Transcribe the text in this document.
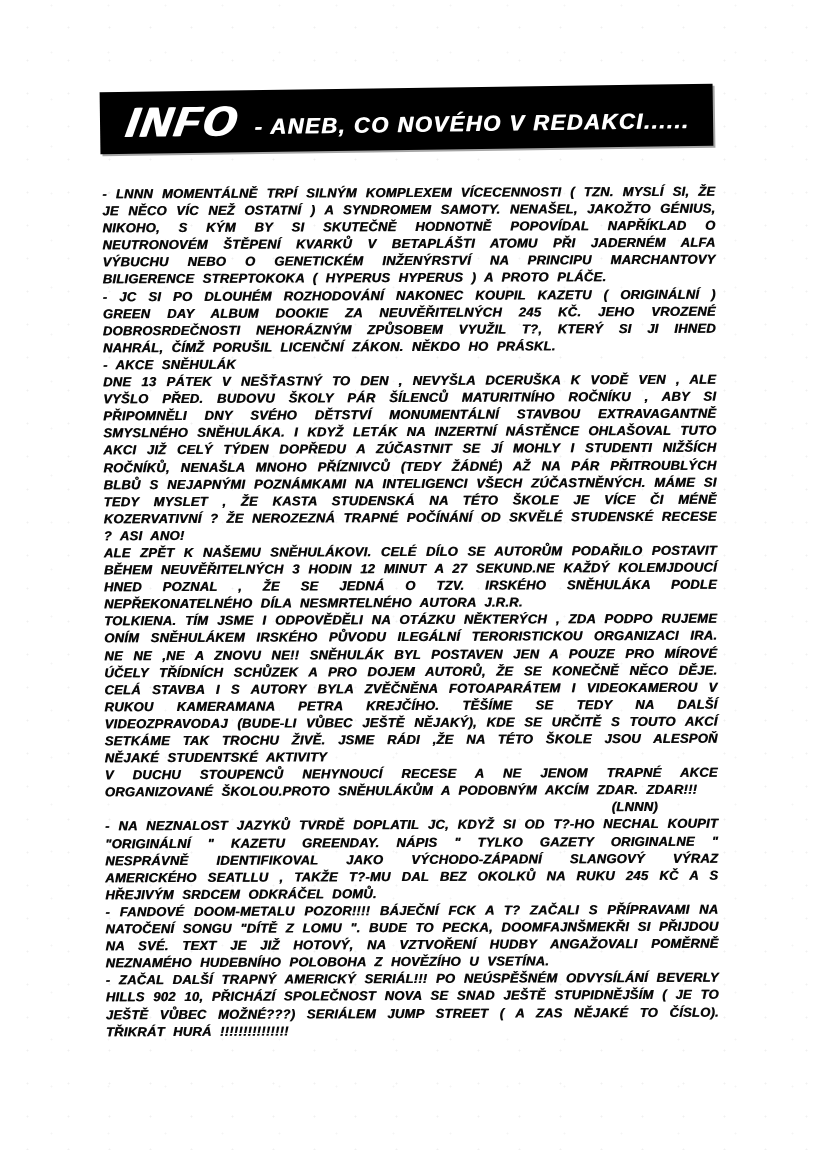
INFO - ANEB, CO NOVÉHO V REDAKCI......

- LNNN MOMENTÁLNĚ TRPÍ SILNÝM KOMPLEXEM VÍCECENNOSTI ( TZN. MYSLÍ SI, ŽE JE NĚCO VÍC NEŽ OSTATNÍ ) A SYNDROMEM SAMOTY. NENAŠEL, JAKOŽTO GÉNIUS, NIKOHO, S KÝM BY SI SKUTEČNĚ HODNOTNĚ POPOVÍDAL NAPŘÍKLAD O NEUTRONOVÉM ŠTĚPENÍ KVARKŮ V BETAPLÁŠTI ATOMU PŘI JADERNÉM ALFA VÝBUCHU NEBO O GENETICKÉM INŽENÝRSTVÍ NA PRINCIPU MARCHANTOVY BILIGERENCE STREPTOKOKA ( HYPERUS HYPERUS ) A PROTO PLÁČE.

- JC SI PO DLOUHÉM ROZHODOVÁNÍ NAKONEC KOUPIL KAZETU ( ORIGINÁLNÍ ) GREEN DAY ALBUM DOOKIE ZA NEUVĚŘITELNÝCH 245 KČ. JEHO VROZENÉ DOBROSRDEČNOSTI NEHORÁZNÝM ZPŮSOBEM VYUŽIL T?, KTERÝ SI JI IHNED NAHRÁL, ČÍMŽ PORUŠIL LICENČNÍ ZÁKON. NĚKDO HO PRÁSKL.

- AKCE SNĚHULÁK

DNE 13 PÁTEK V NEŠŤASTNÝ TO DEN , NEVYŠLA DCERUŠKA K VODĚ VEN , ALE VYŠLO PŘED. BUDOVU ŠKOLY PÁR ŠÍLENCŮ MATURITNÍHO ROČNÍKU , ABY SI PŘIPOMNĚLI DNY SVÉHO DĚTSTVÍ MONUMENTÁLNÍ STAVBOU EXTRAVAGANTNĚ SMYSLNÉHO SNĚHULÁKA. I KDYŽ LETÁK NA INZERTNÍ NÁSTĚNCE OHLAŠOVAL TUTO AKCI JIŽ CELÝ TÝDEN DOPŘEDU A ZÚČASTNIT SE JÍ MOHLY I STUDENTI NIŽŠÍCH ROČNÍKŮ, NENAŠLA MNOHO PŘÍZNIVCŮ (TEDY ŽÁDNÉ) AŽ NA PÁR PŘITROUBLÝCH BLBŮ S NEJAPNÝMI POZNÁMKAMI NA INTELIGENCI VŠECH ZÚČASTNĚNÝCH. MÁME SI TEDY MYSLET , ŽE KASTA STUDENSKÁ NA TÉTO ŠKOLE JE VÍCE ČI MÉNĚ KOZERVATIVNÍ ? ŽE NEROZEZNÁ TRAPNÉ POČÍNÁNÍ OD SKVĚLÉ STUDENSKÉ RECESE ? ASI ANO!

ALE ZPĚT K NAŠEMU SNĚHULÁKOVI. CELÉ DÍLO SE AUTORŮM PODAŘILO POSTAVIT BĚHEM NEUVĚŘITELNÝCH 3 HODIN 12 MINUT A 27 SEKUND.NE KAŽDÝ KOLEMJDOUCÍ HNED POZNAL , ŽE SE JEDNÁ O TZV. IRSKÉHO SNĚHULÁKA PODLE NEPŘEKONATELNÉHO DÍLA NESMRTELNÉHO AUTORA J.R.R.

TOLKIENA. TÍM JSME I ODPOVĚDĚLI NA OTÁZKU NĚKTERÝCH , ZDA PODPO RUJEME ONÍM SNĚHULÁKEM IRSKÉHO PŮVODU ILEGÁLNÍ TERORISTICKOU ORGANIZACI IRA. NE NE ,NE A ZNOVU NE!! SNĚHULÁK BYL POSTAVEN JEN A POUZE PRO MÍROVÉ ÚČELY TŘÍDNÍCH SCHŮZEK A PRO DOJEM AUTORŮ, ŽE SE KONEČNĚ NĚCO DĚJE. CELÁ STAVBA I S AUTORY BYLA ZVĚČNĚNA FOTOAPARÁTEM I VIDEOKAMEROU V RUKOU KAMERAMANA PETRA KREJČÍHO. TĚŠÍME SE TEDY NA DALŠÍ VIDEOZPRAVODAJ (BUDE-LI VŮBEC JEŠTĚ NĚJAKÝ), KDE SE URČITĚ S TOUTO AKCÍ SETKÁME TAK TROCHU ŽIVĚ. JSME RÁDI ,ŽE NA TÉTO ŠKOLE JSOU ALESPOŇ NĚJAKÉ STUDENTSKÉ AKTIVITY

V DUCHU STOUPENCŮ NEHYNOUCÍ RECESE A NE JENOM TRAPNÉ AKCE ORGANIZOVANÉ ŠKOLOU.PROTO SNĚHULÁKŮM A PODOBNÝM AKCÍM ZDAR. ZDAR!!!

(LNNN)

- NA NEZNALOST JAZYKŮ TVRDĚ DOPLATIL JC, KDYŽ SI OD T?-HO NECHAL KOUPIT "ORIGINÁLNÍ " KAZETU GREENDAY. NÁPIS " TYLKO GAZETY ORIGINALNE " NESPRÁVNĚ IDENTIFIKOVAL JAKO VÝCHODO-ZÁPADNÍ SLANGOVÝ VÝRAZ AMERICKÉHO SEATLLU , TAKŽE T?-MU DAL BEZ OKOLKŮ NA RUKU 245 KČ A S HŘEJIVÝM SRDCEM ODKRÁČEL DOMŮ.

- FANDOVÉ DOOM-METALU POZOR!!!! BÁJEČNÍ FCK A T? ZAČALI S PŘÍPRAVAMI NA NATOČENÍ SONGU "DÍTĚ Z LOMU ". BUDE TO PECKA, DOOMFAJNŠMEKŘI SI PŘIJDOU NA SVÉ. TEXT JE JIŽ HOTOVÝ, NA VZTVOŘENÍ HUDBY ANGAŽOVALI POMĚRNĚ NEZNAMÉHO HUDEBNÍHO POLOBOHA Z HOVĚZÍHO U VSETÍNA.

- ZAČAL DALŠÍ TRAPNÝ AMERICKÝ SERIÁL!!! PO NEÚSPĚŠNÉM ODVYSÍLÁNÍ BEVERLY HILLS 902 10, PŘICHÁZÍ SPOLEČNOST NOVA SE SNAD JEŠTĚ STUPIDNĚJŠÍM ( JE TO JEŠTĚ VŮBEC MOŽNÉ???) SERIÁLEM JUMP STREET ( A ZAS NĚJAKÉ TO ČÍSLO). TŘIKRÁT HURÁ !!!!!!!!!!!!!!!
